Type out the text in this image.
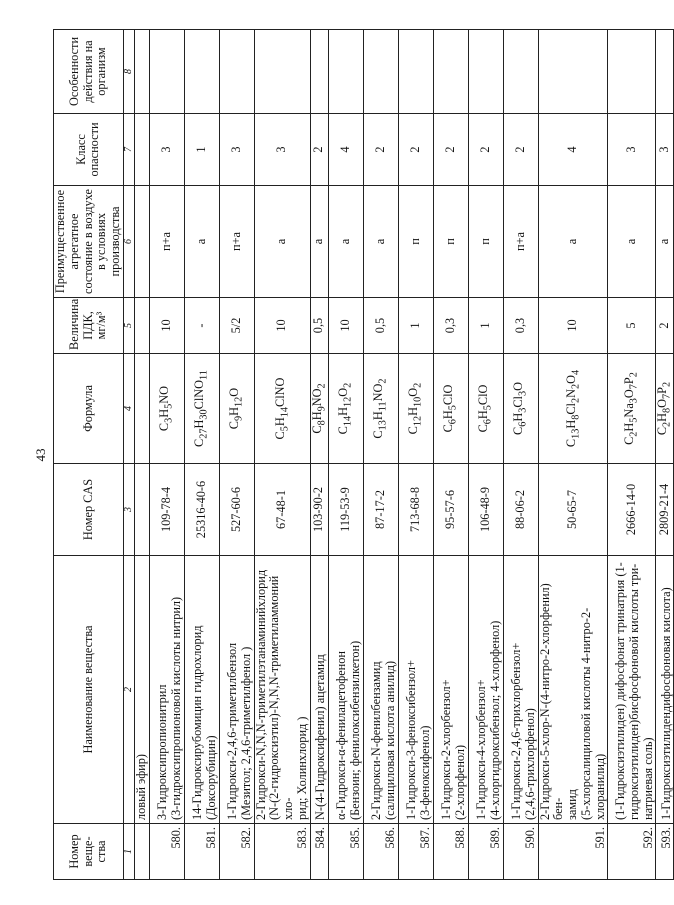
43
Номер веще-ства	Наименование вещества	Номер CAS	Формула	Величина ПДК, мг/м³	Преимущественное агрегатное состояние в воздухе в условиях производства	Класс опасности	Особенности действия на организм
1	2	3	4	5	6	7	8
	ловый эфир)						
580.	3-Гидроксипропионитрил (3-гидроксипропионовой кислоты нитрил)	109-78-4	$C_3H_5NO$	10	п+а	3	
581.	14-Гидроксирубомицин гидрохлорид (Доксорубицин)	25316-40-6	$C_{27}H_{30}ClNO_{11}$	-	а	1	
582.	1-Гидрокси-2,4,6-триметилбензол (Мезитол; 2,4,6-триметилфенол )	527-60-6	$C_9H_{12}O$	5/2	п+а	3	
583.	2-Гидрокси-N,N,N-триметилэтанаминийхлорид (N-(2-гидроксиэтил)-N,N,N-триметиламмоний хло- рид; Холинхлорид )	67-48-1	$C_5H_{14}ClNO$	10	а	3	
584.	N-(4-Гидроксифенил) ацетамид	103-90-2	$C_8H_9NO_2$	0,5	а	2	
585.	α-Гидрокси-α-фенилацетофенон (Бензоин; фенилоксибензилкетон)	119-53-9	$C_{14}H_{12}O_2$	10	а	4	
586.	2-Гидрокси-N-фенилбензамид (салициловая кислота анилид)	87-17-2	$C_{13}H_{11}NO_2$	0,5	а	2	
587.	1-Гидрокси-3-феноксибензол+ (3-феноксифенол)	713-68-8	$C_{12}H_{10}O_2$	1	п	2	
588.	1-Гидрокси-2-хлорбензол+ (2-хлорфенол)	95-57-6	$C_6H_5ClO$	0,3	п	2	
589.	1-Гидрокси-4-хлорбензол+ (4-хлоргидроксибензол; 4-хлорфенол)	106-48-9	$C_6H_5ClO$	1	п	2	
590.	1-Гидрокси-2,4,6-трихлорбензол+ (2,4,6-трихлорфенол)	88-06-2	$C_6H_3Cl_3O$	0,3	п+а	2	
591.	2-Гидрокси-5-хлор-N-(4-нитро-2-хлорфенил) бен- замид (5-хлорсалициловой кислоты 4-нитро-2- хлоранилид)	50-65-7	$C_{13}H_8Cl_2N_2O_4$	10	а	4	
592.	(1-Гидроксиэтилиден) дифосфонат тринатрия (1- гидроксиэтилиден)бисфосфоновой кислоты три- натриевая соль)	2666-14-0	$C_2H_5Na_3O_7P_2$	5	а	3	
593.	1-Гидроксиэтилидендифосфоновая кислота)	2809-21-4	$C_2H_8O_7P_2$	2	а	3	
